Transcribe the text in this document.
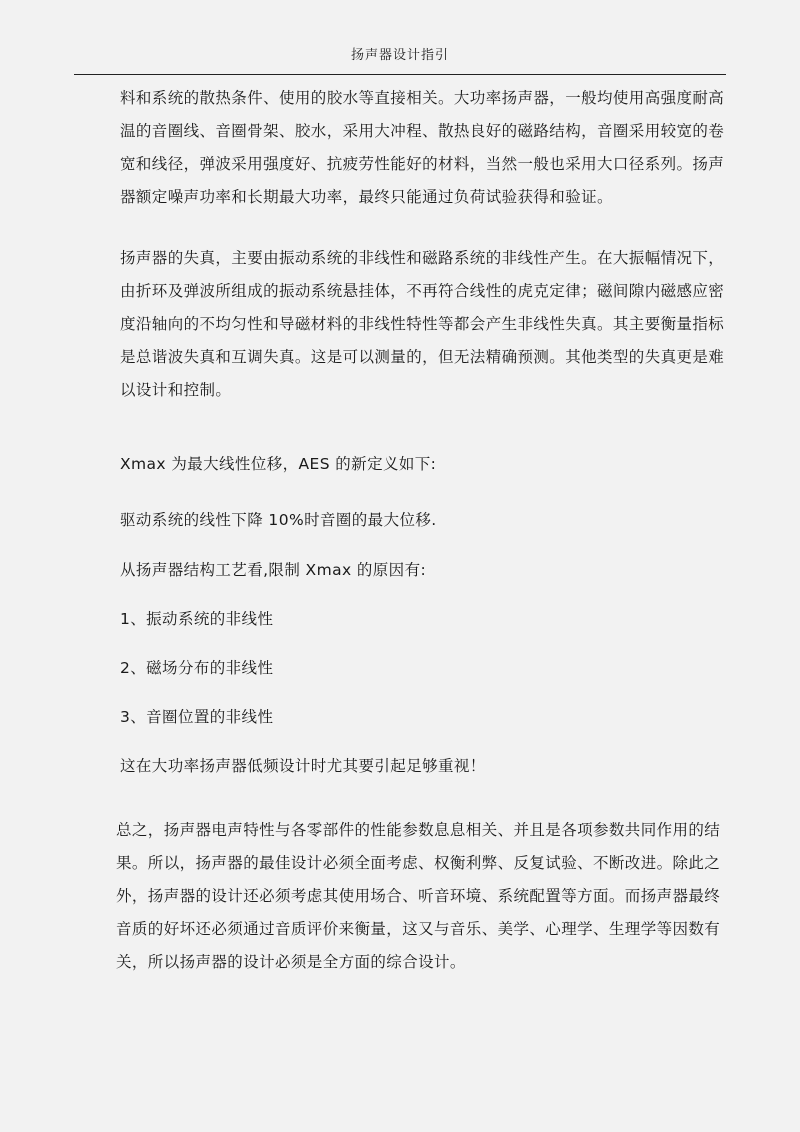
扬声器设计指引

料和系统的散热条件、使用的胶水等直接相关。大功率扬声器，一般均使用高强度耐高温的音圈线、音圈骨架、胶水，采用大冲程、散热良好的磁路结构，音圈采用较宽的卷宽和线径，弹波采用强度好、抗疲劳性能好的材料，当然一般也采用大口径系列。扬声器额定噪声功率和长期最大功率，最终只能通过负荷试验获得和验证。

扬声器的失真，主要由振动系统的非线性和磁路系统的非线性产生。在大振幅情况下，由折环及弹波所组成的振动系统悬挂体，不再符合线性的虎克定律；磁间隙内磁感应密度沿轴向的不均匀性和导磁材料的非线性特性等都会产生非线性失真。其主要衡量指标是总谐波失真和互调失真。这是可以测量的，但无法精确预测。其他类型的失真更是难以设计和控制。

Xmax 为最大线性位移，AES 的新定义如下:
驱动系统的线性下降 10%时音圈的最大位移.
从扬声器结构工艺看,限制 Xmax 的原因有:
1、振动系统的非线性
2、磁场分布的非线性
3、音圈位置的非线性
这在大功率扬声器低频设计时尤其要引起足够重视！

总之，扬声器电声特性与各零部件的性能参数息息相关、并且是各项参数共同作用的结果。所以，扬声器的最佳设计必须全面考虑、权衡利弊、反复试验、不断改进。除此之外，扬声器的设计还必须考虑其使用场合、听音环境、系统配置等方面。而扬声器最终音质的好坏还必须通过音质评价来衡量，这又与音乐、美学、心理学、生理学等因数有关，所以扬声器的设计必须是全方面的综合设计。
